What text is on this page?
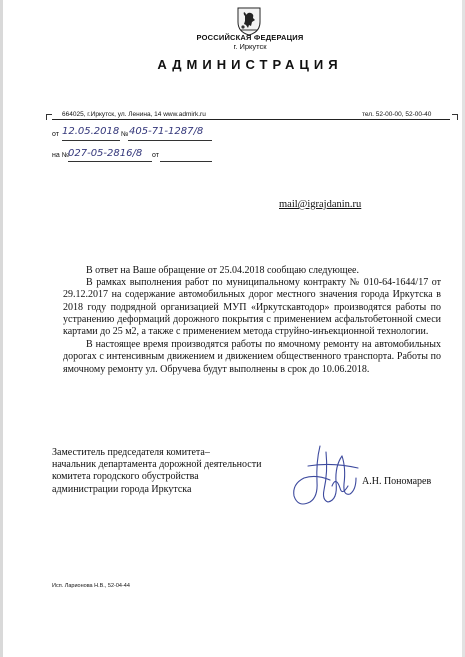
РОССИЙСКАЯ ФЕДЕРАЦИЯ
г. Иркутск
АДМИНИСТРАЦИЯ
664025, г.Иркутск, ул. Ленина, 14 www.admirk.ru	тел. 52-00-00, 52-00-40
от 12.05.2018 № 405-71-1287/8
на №
027-05-2816/8 от
mail@igrajdanin.ru

В ответ на Ваше обращение от 25.04.2018 сообщаю следующее.

В рамках выполнения работ по муниципальному контракту № 010-64-1644/17 от 29.12.2017 на содержание автомобильных дорог местного значения города Иркутска в 2018 году подрядной организацией МУП «Иркутскавтодор» производятся работы по устранению деформаций дорожного покрытия с применением асфальтобетонной смеси картами до 25 м2, а также с применением метода струйно-инъекционной технологии.

В настоящее время производятся работы по ямочному ремонту на автомобильных дорогах с интенсивным движением и движением общественного транспорта. Работы по ямочному ремонту ул. Обручева будут выполнены в срок до 10.06.2018.

Заместитель председателя комитета–
начальник департамента дорожной деятельности
комитета городского обустройства
администрации города Иркутска
А.Н. Пономарев
Исп. Ларионова Н.В., 52-04-44
